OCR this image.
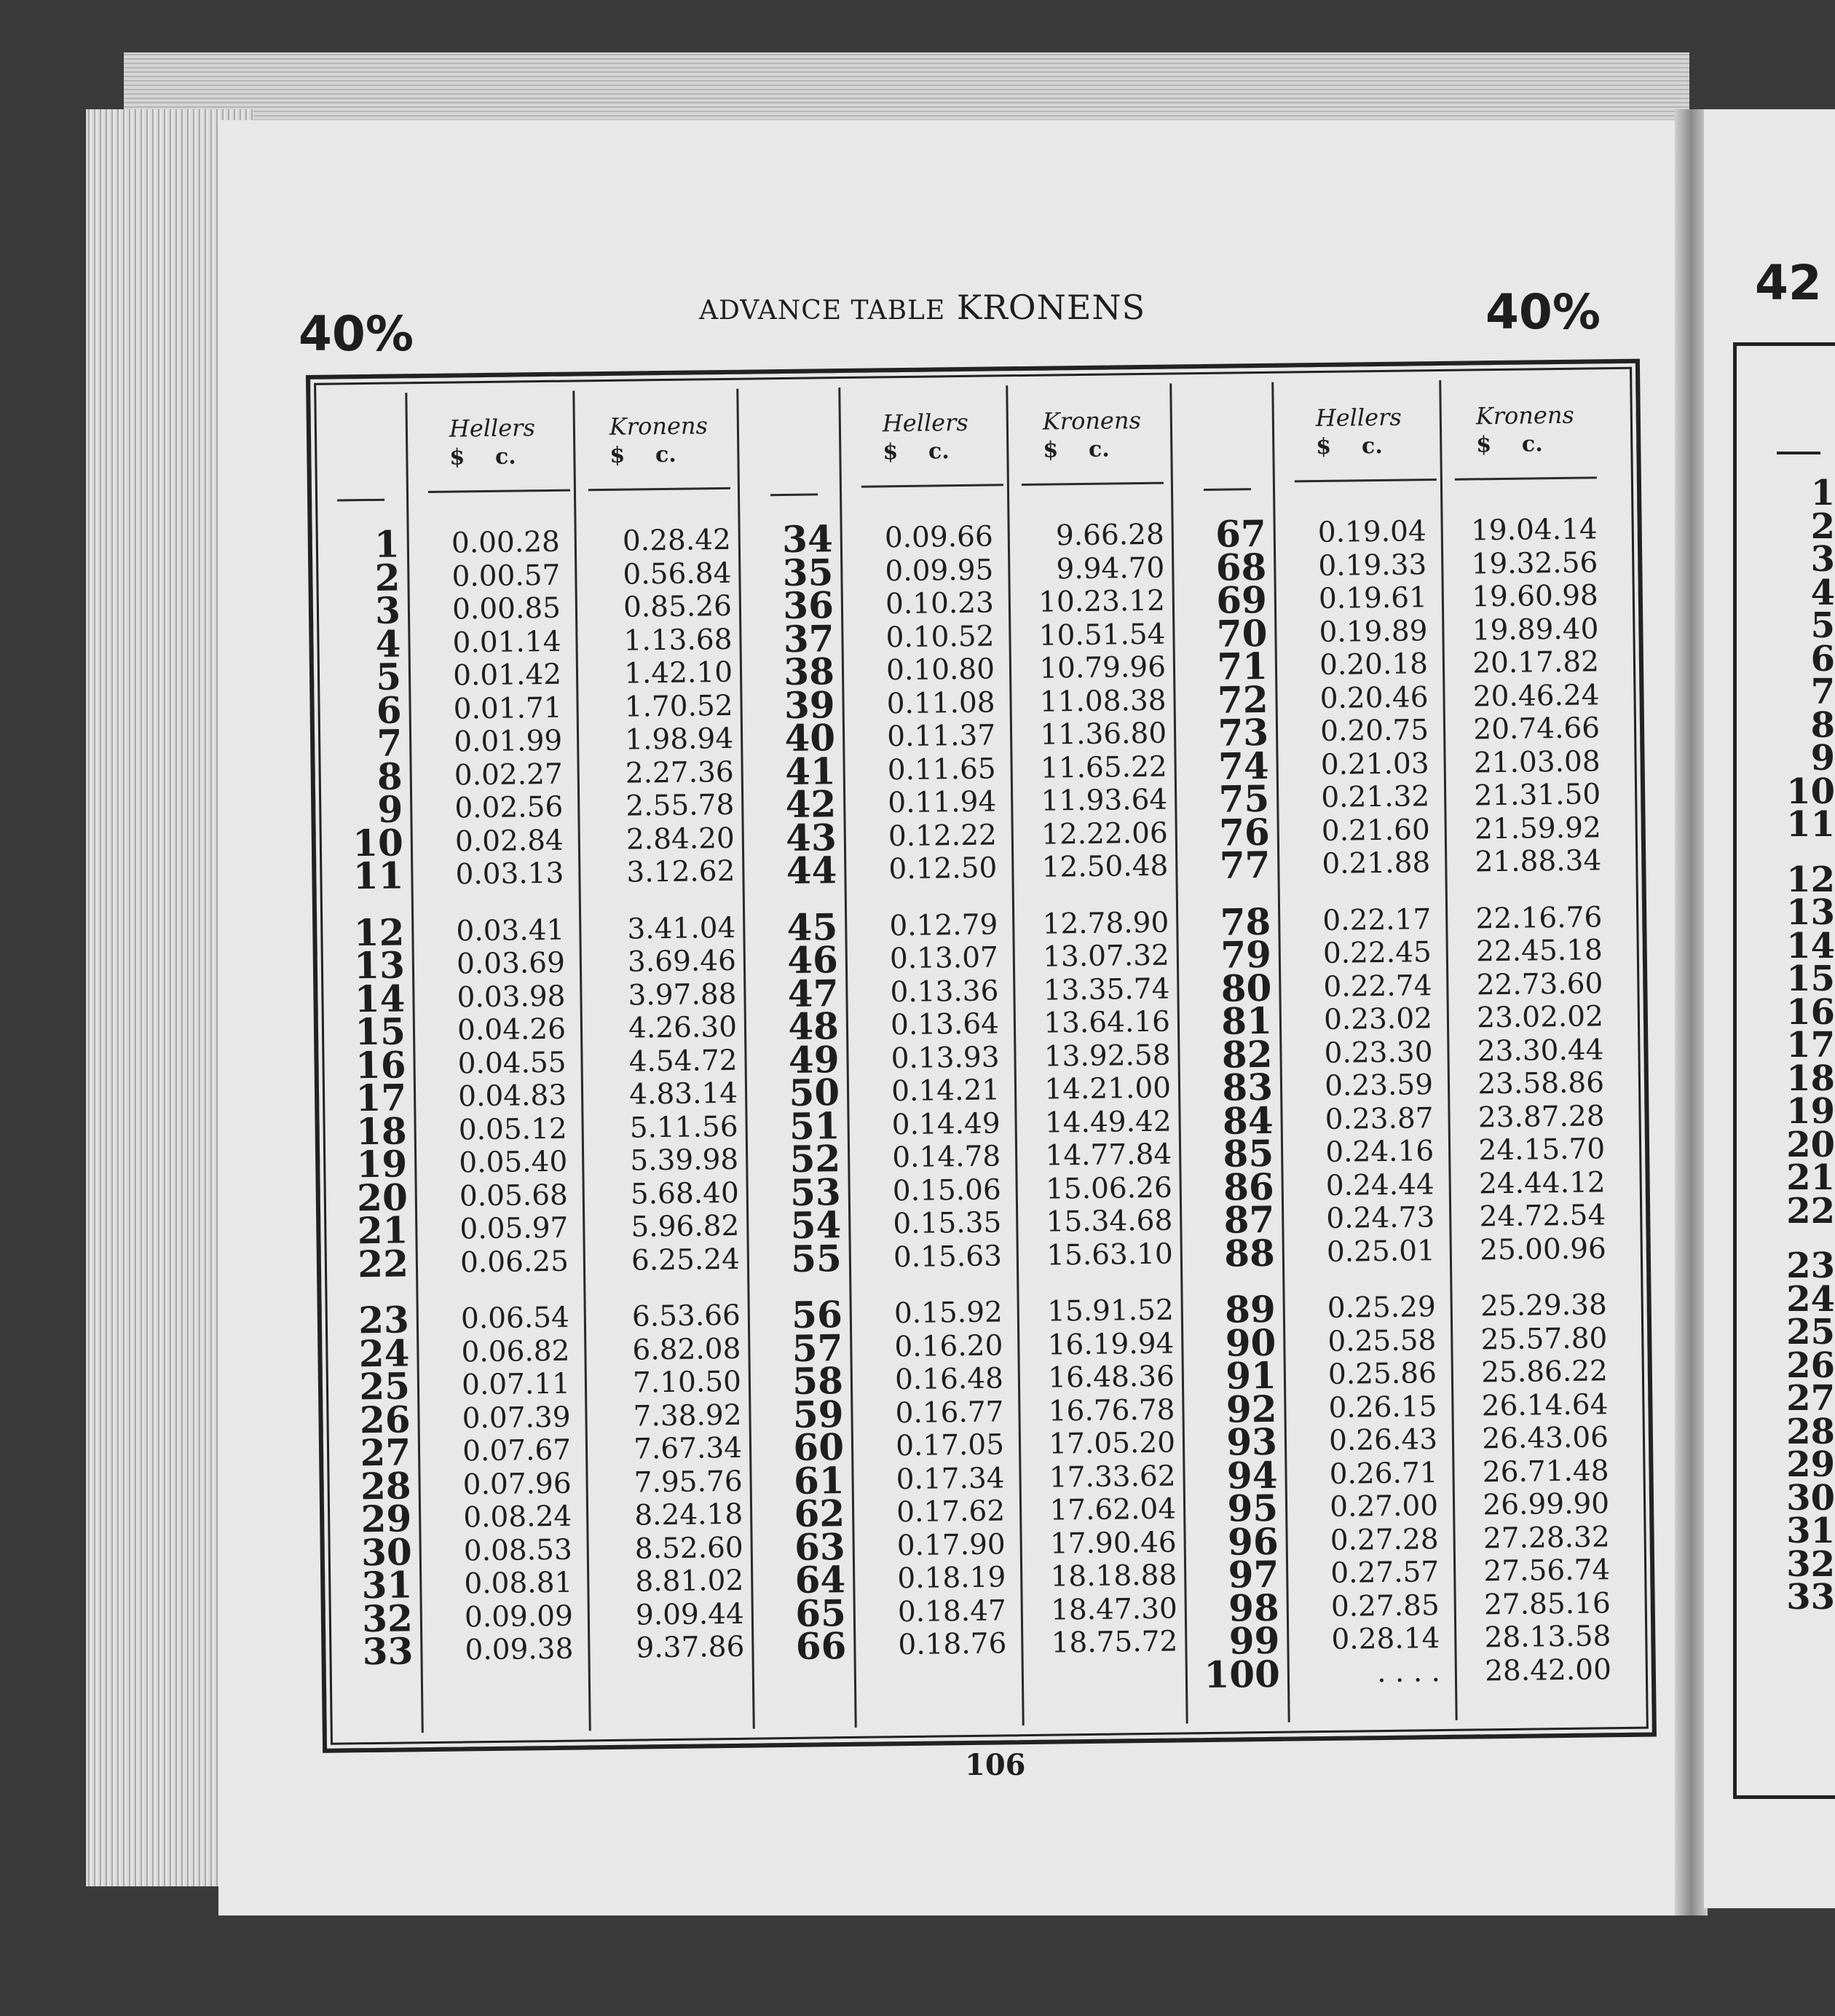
42
1
2
3
4
5
6
7
8
9
10
11
12
13
14
15
16
17
18
19
20
21
22
23
24
25
26
27
28
29
30
31
32
33
40%	ADVANCE TABLE KRONENS	40%
Hellers
$    c.
Kronens
$    c.
1
2
3
4
5
6
7
8
9
10
11
12
13
14
15
16
17
18
19
20
21
22
23
24
25
26
27
28
29
30
31
32
33
0.00.28
0.00.57
0.00.85
0.01.14
0.01.42
0.01.71
0.01.99
0.02.27
0.02.56
0.02.84
0.03.13
0.03.41
0.03.69
0.03.98
0.04.26
0.04.55
0.04.83
0.05.12
0.05.40
0.05.68
0.05.97
0.06.25
0.06.54
0.06.82
0.07.11
0.07.39
0.07.67
0.07.96
0.08.24
0.08.53
0.08.81
0.09.09
0.09.38
0.28.42
0.56.84
0.85.26
1.13.68
1.42.10
1.70.52
1.98.94
2.27.36
2.55.78
2.84.20
3.12.62
3.41.04
3.69.46
3.97.88
4.26.30
4.54.72
4.83.14
5.11.56
5.39.98
5.68.40
5.96.82
6.25.24
6.53.66
6.82.08
7.10.50
7.38.92
7.67.34
7.95.76
8.24.18
8.52.60
8.81.02
9.09.44
9.37.86
Hellers
$    c.
Kronens
$    c.
34
35
36
37
38
39
40
41
42
43
44
45
46
47
48
49
50
51
52
53
54
55
56
57
58
59
60
61
62
63
64
65
66
0.09.66
0.09.95
0.10.23
0.10.52
0.10.80
0.11.08
0.11.37
0.11.65
0.11.94
0.12.22
0.12.50
0.12.79
0.13.07
0.13.36
0.13.64
0.13.93
0.14.21
0.14.49
0.14.78
0.15.06
0.15.35
0.15.63
0.15.92
0.16.20
0.16.48
0.16.77
0.17.05
0.17.34
0.17.62
0.17.90
0.18.19
0.18.47
0.18.76
9.66.28
9.94.70
10.23.12
10.51.54
10.79.96
11.08.38
11.36.80
11.65.22
11.93.64
12.22.06
12.50.48
12.78.90
13.07.32
13.35.74
13.64.16
13.92.58
14.21.00
14.49.42
14.77.84
15.06.26
15.34.68
15.63.10
15.91.52
16.19.94
16.48.36
16.76.78
17.05.20
17.33.62
17.62.04
17.90.46
18.18.88
18.47.30
18.75.72
Hellers
$    c.
Kronens
$    c.
67
68
69
70
71
72
73
74
75
76
77
78
79
80
81
82
83
84
85
86
87
88
89
90
91
92
93
94
95
96
97
98
99
100
0.19.04
0.19.33
0.19.61
0.19.89
0.20.18
0.20.46
0.20.75
0.21.03
0.21.32
0.21.60
0.21.88
0.22.17
0.22.45
0.22.74
0.23.02
0.23.30
0.23.59
0.23.87
0.24.16
0.24.44
0.24.73
0.25.01
0.25.29
0.25.58
0.25.86
0.26.15
0.26.43
0.26.71
0.27.00
0.27.28
0.27.57
0.27.85
0.28.14
. . . .
19.04.14
19.32.56
19.60.98
19.89.40
20.17.82
20.46.24
20.74.66
21.03.08
21.31.50
21.59.92
21.88.34
22.16.76
22.45.18
22.73.60
23.02.02
23.30.44
23.58.86
23.87.28
24.15.70
24.44.12
24.72.54
25.00.96
25.29.38
25.57.80
25.86.22
26.14.64
26.43.06
26.71.48
26.99.90
27.28.32
27.56.74
27.85.16
28.13.58
28.42.00
106
